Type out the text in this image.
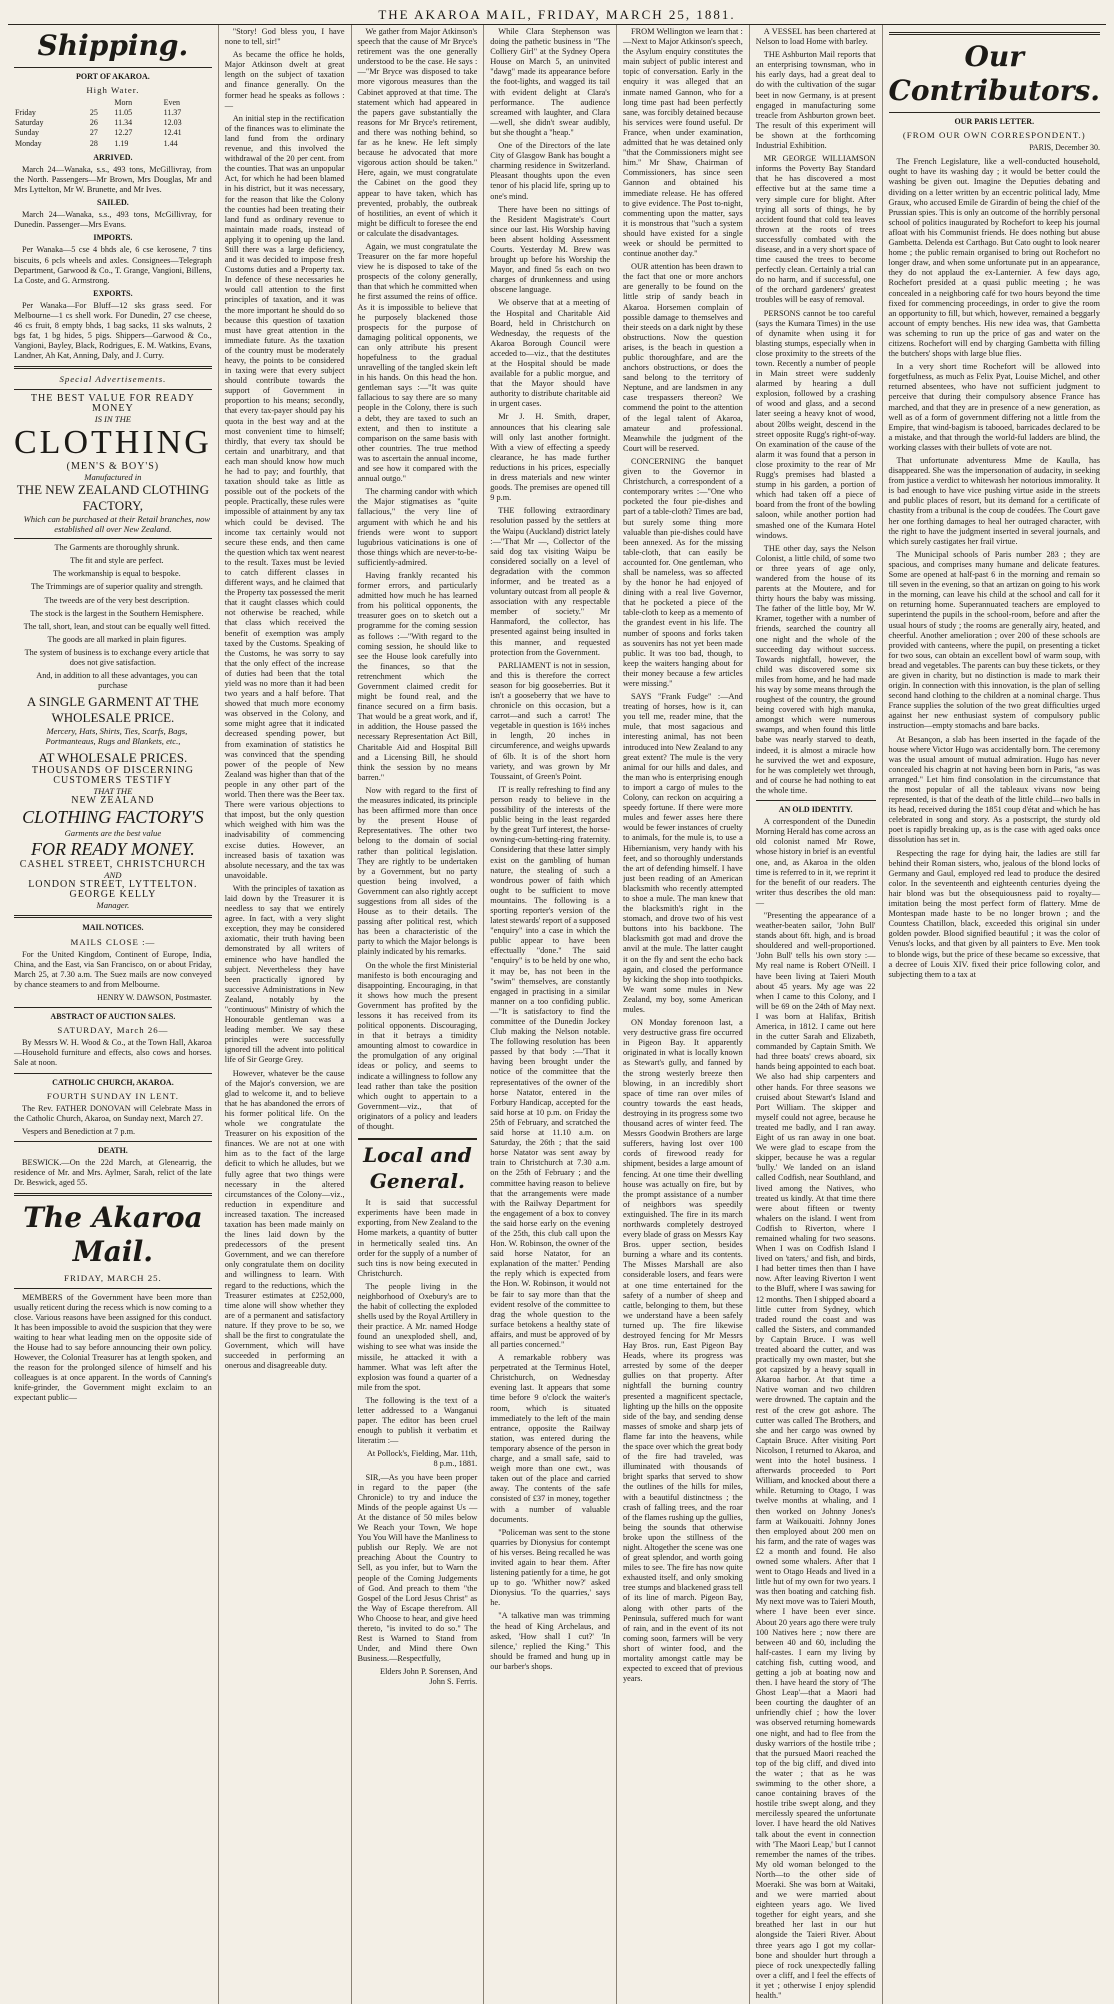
THE AKAROA MAIL, FRIDAY, MARCH 25, 1881.
Shipping.
PORT OF AKAROA.
High Water.
		Morn	Even
Friday	25	11.05	11.37
Saturday	26	11.34	12.03
Sunday	27	12.27	12.41
Monday	28	1.19	1.44
ARRIVED.

March 24—Wanaka, s.s., 493 tons, McGillivray, from the North. Passengers—Mr Brown, Mrs Douglas, Mr and Mrs Lyttelton, Mr W. Brunette, and Mr Ives.

SAILED.

March 24—Wanaka, s.s., 493 tons, McGillivray, for Dunedin. Passenger—Mrs Evans.

IMPORTS.

Per Wanaka—5 cse 4 bhds ale, 6 cse kerosene, 7 tins biscuits, 6 pcls wheels and axles. Consignees—Telegraph Department, Garwood & Co., T. Grange, Vangioni, Billens, La Coste, and G. Armstrong.

EXPORTS.

Per Wanaka—For Bluff—12 sks grass seed. For Melbourne—1 cs shell work. For Dunedin, 27 cse cheese, 46 cs fruit, 8 empty bhds, 1 bag sacks, 11 sks walnuts, 2 bgs fat, 1 bg hides, 5 pigs. Shippers—Garwood & Co., Vangioni, Bayley, Black, Rodrigues, E. M. Watkins, Evans, Landner, Ah Kat, Anning, Daly, and J. Curry.

Special Advertisements.
THE BEST VALUE FOR READY MONEY
IS IN THE
CLOTHING
(MEN'S & BOY'S)
Manufactured in
THE NEW ZEALAND CLOTHING FACTORY,

Which can be purchased at their Retail branches, now established all over New Zealand.

The Garments are thoroughly shrunk.

The fit and style are perfect.

The workmanship is equal to bespoke.

The Trimmings are of superior quality and strength.

The tweeds are of the very best description.

The stock is the largest in the Southern Hemisphere.

The tall, short, lean, and stout can be equally well fitted.

The goods are all marked in plain figures.

The system of business is to exchange every article that does not give satisfaction.

And, in addition to all these advantages, you can purchase

A SINGLE GARMENT AT THE WHOLESALE PRICE.

Mercery, Hats, Shirts, Ties, Scarfs, Bags, Portmanteaus, Rugs and Blankets, etc.,

AT WHOLESALE PRICES.
THOUSANDS OF DISCERNING CUSTOMERS TESTIFY
THAT THE
NEW ZEALAND
CLOTHING FACTORY'S
Garments are the best value
FOR READY MONEY.
CASHEL STREET, CHRISTCHURCH
AND
LONDON STREET, LYTTELTON.
GEORGE KELLY
Manager.
MAIL NOTICES.
MAILS CLOSE :—

For the United Kingdom, Continent of Europe, India, China, and the East, via San Francisco, on or about Friday, March 25, at 7.30 a.m. The Suez mails are now conveyed by chance steamers to and from Melbourne.

HENRY W. DAWSON, Postmaster.
ABSTRACT OF AUCTION SALES.
SATURDAY, March 26—

By Messrs W. H. Wood & Co., at the Town Hall, Akaroa—Household furniture and effects, also cows and horses. Sale at noon.

CATHOLIC CHURCH, AKAROA.
FOURTH SUNDAY IN LENT.

The Rev. FATHER DONOVAN will Celebrate Mass in the Catholic Church, Akaroa, on Sunday next, March 27.

Vespers and Benediction at 7 p.m.

DEATH.

BESWICK.—On the 22d March, at Glenearrig, the residence of Mr. and Mrs. Aylmer, Sarah, relict of the late Dr. Beswick, aged 55.

The Akaroa Mail.
FRIDAY, MARCH 25.

MEMBERS of the Government have been more than usually reticent during the recess which is now coming to a close. Various reasons have been assigned for this conduct. It has been impossible to avoid the suspicion that they were waiting to hear what leading men on the opposite side of the House had to say before announcing their own policy. However, the Colonial Treasurer has at length spoken, and the reason for the prolonged silence of himself and his colleagues is at once apparent. In the words of Canning's knife-grinder, the Government might exclaim to an expectant public—

"Story! God bless you, I have none to tell, sir!"

As became the office he holds, Major Atkinson dwelt at great length on the subject of taxation and finance generally. On the former head he speaks as follows :—

An initial step in the rectification of the finances was to eliminate the land fund from the ordinary revenue, and this involved the withdrawal of the 20 per cent. from the counties. That was an unpopular Act, for which he had been blamed in his district, but it was necessary, for the reason that like the Colony the counties had been treating their land fund as ordinary revenue to maintain made roads, instead of applying it to opening up the land. Still there was a large deficiency, and it was decided to impose fresh Customs duties and a Property tax. In defence of these necessaries he would call attention to the first principles of taxation, and it was the more important he should do so because this question of taxation must have great attention in the immediate future. As the taxation of the country must be moderately heavy, the points to be considered in taxing were that every subject should contribute towards the support of Government in proportion to his means; secondly, that every tax-payer should pay his quota in the best way and at the most convenient time to himself; thirdly, that every tax should be certain and unarbitrary, and that each man should know how much he had to pay; and fourthly, that taxation should take as little as possible out of the pockets of the people. Practically, these rules were impossible of attainment by any tax which could be devised. The income tax certainly would not secure these ends, and then came the question which tax went nearest to the result. Taxes must be levied to catch different classes in different ways, and he claimed that the Property tax possessed the merit that it caught classes which could not otherwise be reached, while that class which received the benefit of exemption was amply taxed by the Customs. Speaking of the Customs, he was sorry to say that the only effect of the increase of duties had been that the total yield was no more than it had been two years and a half before. That showed that much more economy was observed in the Colony, and some might agree that it indicated decreased spending power, but from examination of statistics he was convinced that the spending power of the people of New Zealand was higher than that of the people in any other part of the world. Then there was the Beer tax. There were various objections to that impost, but the only question which weighed with him was the inadvisability of commencing excise duties. However, an increased basis of taxation was absolute necessary, and the tax was unavoidable.

With the principles of taxation as laid down by the Treasurer it is needless to say that we entirely agree. In fact, with a very slight exception, they may be considered axiomatic, their truth having been demonstrated by all writers of eminence who have handled the subject. Nevertheless they have been practically ignored by successive Administrations in New Zealand, notably by the "continuous" Ministry of which the Honourable gentleman was a leading member. We say these principles were successfully ignored till the advent into political life of Sir George Grey.

However, whatever be the cause of the Major's conversion, we are glad to welcome it, and to believe that he has abandoned the errors of his former political life. On the whole we congratulate the Treasurer on his exposition of the finances. We are not at one with him as to the fact of the large deficit to which he alludes, but we fully agree that two things were necessary in the altered circumstances of the Colony—viz., reduction in expenditure and increased taxation. The increased taxation has been made mainly on the lines laid down by the predecessors of the present Government, and we can therefore only congratulate them on docility and willingness to learn. With regard to the reductions, which the Treasurer estimates at £252,000, time alone will show whether they are of a permanent and satisfactory nature. If they prove to be so, we shall be the first to congratulate the Government, which will have succeeded in performing an onerous and disagreeable duty.

We gather from Major Atkinson's speech that the cause of Mr Bryce's retirement was the one generally understood to be the case. He says :—"Mr Bryce was disposed to take more vigorous measures than the Cabinet approved at that time. The statement which had appeared in the papers gave substantially the reasons for Mr Bryce's retirement, and there was nothing behind, so far as he knew. He left simply because he advocated that more vigorous action should be taken." Here, again, we must congratulate the Cabinet on the good they appear to have taken, which has prevented, probably, the outbreak of hostilities, an event of which it might be difficult to foresee the end or calculate the disadvantages.

Again, we must congratulate the Treasurer on the far more hopeful view he is disposed to take of the prospects of the colony generally, than that which he committed when he first assumed the reins of office. As it is impossible to believe that he purposely blackened those prospects for the purpose of damaging political opponents, we can only attribute his present hopefulness to the gradual unravelling of the tangled skein left in his hands. On this head the hon. gentleman says :—"It was quite fallacious to say there are so many people in the Colony, there is such a debt, they are taxed to such an extent, and then to institute a comparison on the same basis with other countries. The true method was to ascertain the annual income, and see how it compared with the annual outgo."

The charming candor with which the Major stigmatises as "quite fallacious," the very line of argument with which he and his friends were wont to support lugubrious vaticinations is one of those things which are never-to-be-sufficiently-admired.

Having frankly recanted his former errors, and particularly admitted how much he has learned from his political opponents, the treasurer goes on to sketch out a programme for the coming session as follows :—"With regard to the coming session, he should like to see the House look carefully into the finances, so that the retrenchment which the Government claimed credit for might be found real, and the finance secured on a firm basis. That would be a great work, and if, in addition, the House passed the necessary Representation Act Bill, Charitable Aid and Hospital Bill and a Licensing Bill, he should think the session by no means barren."

Now with regard to the first of the measures indicated, its principle has been affirmed more than once by the present House of Representatives. The other two belong to the domain of social rather than political legislation. They are rightly to be undertaken by a Government, but no party question being involved, a Government can also rightly accept suggestions from all sides of the House as to their details. The passing after political rest, which has been a characteristic of the party to which the Major belongs is plainly indicated by his remarks.

On the whole the first Ministerial manifesto is both encouraging and disappointing. Encouraging, in that it shows how much the present Government has profited by the lessons it has received from its political opponents. Discouraging, in that it betrays a timidity amounting almost to cowardice in the promulgation of any original ideas or policy, and seems to indicate a willingness to follow any lead rather than take the position which ought to appertain to a Government—viz., that of originators of a policy and leaders of thought.

Local and General.

It is said that successful experiments have been made in exporting, from New Zealand to the Home markets, a quantity of butter in hermetically sealed tins. An order for the supply of a number of such tins is now being executed in Christchurch.

The people living in the neighborhood of Oxebury's are to the habit of collecting the exploded shells used by the Royal Artillery in their practice. A Mr. named Hodge found an unexploded shell, and, wishing to see what was inside the missile, he attacked it with a hammer. What was left after the explosion was found a quarter of a mile from the spot.

The following is the text of a letter addressed to a Wanganui paper. The editor has been cruel enough to publish it verbatim et literatim :—

At Pollock's, Fielding, Mar. 11th, 8 p.m., 1881.

SIR,—As you have been proper in regard to the paper (the Chronicle) to try and induce the Minds of the people against Us —At the distance of 50 miles below We Reach your Town, We hope You You Will have the Manliness to publish our Reply. We are not preaching About the Country to Sell, as you infer, but to Warn the people of the Coming Judgements of God. And preach to them "the Gospel of the Lord Jesus Christ" as the Way of Escape therefrom. All Who Choose to hear, and give heed thereto, "is invited to do so." The Rest is Warned to Stand from Under, and Mind there Own Business.—Respectfully,

Elders John P. Sorensen, And John S. Ferris.

While Clara Stephenson was doing the pathetic business in "The Colliery Girl" at the Sydney Opera House on March 5, an uninvited "dawg" made its appearance before the foot-lights, and wagged its tail with evident delight at Clara's performance. The audience screamed with laughter, and Clara—well, she didn't swear audibly, but she thought a "heap."

One of the Directors of the late City of Glasgow Bank has bought a charming residence in Switzerland. Pleasant thoughts upon the even tenor of his placid life, spring up to one's mind.

There have been no sittings of the Resident Magistrate's Court since our last. His Worship having been absent holding Assessment Courts. Yesterday M. Brew was brought up before his Worship the Mayor, and fined 5s each on two charges of drunkenness and using obscene language.

We observe that at a meeting of the Hospital and Charitable Aid Board, held in Christchurch on Wednesday, the requests of the Akaroa Borough Council were acceded to—viz., that the destitutes at the Hospital should be made available for a public morgue, and that the Mayor should have authority to distribute charitable aid in urgent cases.

Mr J. H. Smith, draper, announces that his clearing sale will only last another fortnight. With a view of effecting a speedy clearance, he has made further reductions in his prices, especially in dress materials and new winter goods. The premises are opened till 9 p.m.

THE following extraordinary resolution passed by the settlers at the Waipu (Auckland) district lately :—"That Mr —, Collector of the said dog tax visiting Waipu be considered socially on a level of degradation with the common informer, and be treated as a voluntary outcast from all people & association with any respectable member of society." Mr Hanmaford, the collector, has presented against being insulted in this manner, and requested protection from the Government.

PARLIAMENT is not in session, and this is therefore the correct season for big gooseberries. But it isn't a gooseberry that we have to chronicle on this occasion, but a carrot—and such a carrot! The vegetable in question is 16½ inches in length, 20 inches in circumference, and weighs upwards of 6lb. It is of the short horn variety, and was grown by Mr Toussaint, of Green's Point.

IT is really refreshing to find any person ready to believe in the possibility of the interests of the public being in the least regarded by the great Turf interest, the horse-owning-cum-betting-ring fraternity. Considering that these latter simply exist on the gambling of human nature, the stealing of such a wondrous power of faith which ought to be sufficient to move mountains. The following is a sporting reporter's version of the latest stewards' report of a supposed "enquiry" into a case in which the public appear to have been effectually "done." The said "enquiry" is to be held by one who, it may be, has not been in the "swim" themselves, are constantly engaged in practising in a similar manner on a too confiding public.—"It is satisfactory to find the committee of the Dunedin Jockey Club making the Nelson notable. The following resolution has been passed by that body :—'That it having been brought under the notice of the committee that the representatives of the owner of the horse Natator, entered in the Forbury Handicap, accepted for the said horse at 10 p.m. on Friday the 25th of February, and scratched the said horse at 11.10 a.m. on Saturday, the 26th ; that the said horse Natator was sent away by train to Christchurch at 7.30 a.m. on the 25th of February ; and the committee having reason to believe that the arrangements were made with the Railway Department for the engagement of a box to convey the said horse early on the evening of the 25th, this club call upon the Hon. W. Robinson, the owner of the said horse Natator, for an explanation of the matter.' Pending the reply which is expected from the Hon. W. Robinson, it would not be fair to say more than that the evident resolve of the committee to drag the whole question to the surface betokens a healthy state of affairs, and must be approved of by all parties concerned."

A remarkable robbery was perpetrated at the Terminus Hotel, Christchurch, on Wednesday evening last. It appears that some time before 9 o'clock the waiter's room, which is situated immediately to the left of the main entrance, opposite the Railway station, was entered during the temporary absence of the person in charge, and a small safe, said to weigh more than one cwt., was taken out of the place and carried away. The contents of the safe consisted of £37 in money, together with a number of valuable documents.

"Policeman was sent to the stone quarries by Dionysius for contempt of his verses. Being recalled he was invited again to hear them. After listening patiently for a time, he got up to go. 'Whither now?' asked Dionysius. 'To the quarries,' says he.

"A talkative man was trimming the head of King Archelaus, and asked, 'How shall I cut?' 'In silence,' replied the King." This should be framed and hung up in our barber's shops.

FROM Wellington we learn that :—Next to Major Atkinson's speech, the Asylum enquiry constitutes the main subject of public interest and topic of conversation. Early in the enquiry it was alleged that an inmate named Gannon, who for a long time past had been perfectly sane, was forcibly detained because his services were found useful. Dr France, when under examination, admitted that he was detained only "that the Commissioners might see him." Mr Shaw, Chairman of Commissioners, has since seen Gannon and obtained his immediate release. He has offered to give evidence. The Post to-night, commenting upon the matter, says it is monstrous that "such a system should have existed for a single week or should be permitted to continue another day."

OUR attention has been drawn to the fact that one or more anchors are generally to be found on the little strip of sandy beach in Akaroa. Horsemen complain of possible damage to themselves and their steeds on a dark night by these obstructions. Now the question arises, is the beach in question a public thoroughfare, and are the anchors obstructions, or does the sand belong to the territory of Neptune, and are landsmen in any case trespassers thereon? We commend the point to the attention of the legal talent of Akaroa, amateur and professional. Meanwhile the judgment of the Court will be reserved.

CONCERNING the banquet given to the Governor in Christchurch, a correspondent of a contemporary writes :—"One who pocketed the four pie-dishes and part of a table-cloth? Times are bad, but surely some thing more valuable than pie-dishes could have been annexed. As for the missing table-cloth, that can easily be accounted for. One gentleman, who shall be nameless, was so affected by the honor he had enjoyed of dining with a real live Governor, that he pocketed a piece of the table-cloth to keep as a memento of the grandest event in his life. The number of spoons and forks taken as souvenirs has not yet been made public. It was too bad, though, to keep the waiters hanging about for their money because a few articles were missing."

SAYS "Frank Fudge" :—And treating of horses, how is it, can you tell me, reader mine, that the mule, that most sagacious and interesting animal, has not been introduced into New Zealand to any great extent? The mule is the very animal for our hills and dales, and the man who is enterprising enough to import a cargo of mules to the Colony, can reckon on acquiring a speedy fortune. If there were more mules and fewer asses here there would be fewer instances of cruelty to animals, for the mule is, to use a Hibernianism, very handy with his feet, and so thoroughly understands the art of defending himself. I have just been reading of an American blacksmith who recently attempted to shoe a mule. The man knew that the blacksmith's right in the stomach, and drove two of his vest buttons into his backbone. The blacksmith got mad and drove the anvil at the mule. The latter caught it on the fly and sent the echo back again, and closed the performance by kicking the shop into toothpicks. We want some mules in New Zealand, my boy, some American mules.

ON Monday forenoon last, a very destructive grass fire occurred in Pigeon Bay. It apparently originated in what is locally known as Stewart's gully, and fanned by the strong westerly breeze then blowing, in an incredibly short space of time ran over miles of country towards the east heads, destroying in its progress some two thousand acres of winter feed. The Messrs Goodwin Brothers are large sufferers, having lost over 100 cords of firewood ready for shipment, besides a large amount of fencing. At one time their dwelling house was actually on fire, but by the prompt assistance of a number of neighbors was speedily extinguished. The fire in its march northwards completely destroyed every blade of grass on Messrs Kay Bros. upper section, besides burning a whare and its contents. The Misses Marshall are also considerable losers, and fears were at one time entertained for the safety of a number of sheep and cattle, belonging to them, but these we understand have a been safely turned up. The fire likewise destroyed fencing for Mr Messrs Hay Bros. run, East Pigeon Bay Heads, where its progress was arrested by some of the deeper gullies on that property. After nightfall the burning country presented a magnificent spectacle, lighting up the hills on the opposite side of the bay, and sending dense masses of smoke and sharp jets of flame far into the heavens, while the space over which the great body of the fire had traveled, was illuminated with thousands of bright sparks that served to show the outlines of the hills for miles, with a beautiful distinctness ; the crash of falling trees, and the roar of the flames rushing up the gullies, being the sounds that otherwise broke upon the stillness of the night. Altogether the scene was one of great splendor, and worth going miles to see. The fire has now quite exhausted itself, and only smoking tree stumps and blackened grass tell of its line of march. Pigeon Bay, along with other parts of the Peninsula, suffered much for want of rain, and in the event of its not coming soon, farmers will be very short of winter food, and the mortality amongst cattle may be expected to exceed that of previous years.

A VESSEL has been chartered at Nelson to load Home with barley.

THE Ashburton Mail reports that an enterprising townsman, who in his early days, had a great deal to do with the cultivation of the sugar beet in now Germany, is at present engaged in manufacturing some treacle from Ashburton grown beet. The result of this experiment will be shown at the forthcoming Industrial Exhibition.

MR GEORGE WILLIAMSON informs the Poverty Bay Standard that he has discovered a most effective but at the same time a very simple cure for blight. After trying all sorts of things, he by accident found that cold tea leaves thrown at the roots of trees successfully combated with the disease, and in a very short space of time caused the trees to become perfectly clean. Certainly a trial can do no harm, and if successful, one of the orchard gardeners' greatest troubles will be easy of removal.

PERSONS cannot be too careful (says the Kumara Times) in the use of dynamite when using it for blasting stumps, especially when in close proximity to the streets of the town. Recently a number of people in Main street were suddenly alarmed by hearing a dull explosion, followed by a crashing of wood and glass, and a second later seeing a heavy knot of wood, about 20lbs weight, descend in the street opposite Rugg's right-of-way. On examination of the cause of the alarm it was found that a person in close proximity to the rear of Mr Rugg's premises had blasted a stump in his garden, a portion of which had taken off a piece of board from the front of the bowling saloon, while another portion had smashed one of the Kumara Hotel windows.

THE other day, says the Nelson Colonist, a little child, of some two or three years of age only, wandered from the house of its parents at the Moutere, and for thirty hours the baby was missing. The father of the little boy, Mr W. Kramer, together with a number of friends, searched the country all one night and the whole of the succeeding day without success. Towards nightfall, however, the child was discovered some six miles from home, and he had made his way by some means through the roughest of the country, the ground being covered with high manuka, amongst which were numerous swamps, and when found this little babe was nearly starved to death, indeed, it is almost a miracle how he survived the wet and exposure, for he was completely wet through, and of course he had nothing to eat the whole time.

AN OLD IDENTITY.

A correspondent of the Dunedin Morning Herald has come across an old colonist named Mr Rowe, whose history in brief is an eventful one, and, as Akaroa in the olden time is referred to in it, we reprint it for the benefit of our readers. The writer thus describes the old man:—

"Presenting the appearance of a weather-beaten sailor, 'John Bull' stands about 6ft. high, and is broad shouldered and well-proportioned. 'John Bull' tells his own story :—My real name is Robert O'Neill. I have been living at Taieri Mouth about 45 years. My age was 22 when I came to this Colony, and I will be 69 on the 24th of May next. I was born at Halifax, British America, in 1812. I came out here in the cutter Sarah and Elizabeth, commanded by Captain Smith. We had three boats' crews aboard, six hands being appointed to each boat. We also had ship carpenters and other hands. For three seasons we cruised about Stewart's Island and Port William. The skipper and myself could not agree, because he treated me badly, and I ran away. Eight of us ran away in one boat. We were glad to escape from the skipper, because he was a regular 'bully.' We landed on an island called Codfish, near Southland, and lived among the Natives, who treated us kindly. At that time there were about fifteen or twenty whalers on the island. I went from Codfish to Riverton, where I remained whaling for two seasons. When I was on Codfish Island I lived on 'taters,' and fish, and birds, I had better times then than I have now. After leaving Riverton I went to the Bluff, where I was sawing for 12 months. Then I shipped aboard a little cutter from Sydney, which traded round the coast and was called the Sisters, and commanded by Captain Bruce. I was well treated aboard the cutter, and was practically my own master, but she got capsized by a heavy squall in Akaroa harbor. At that time a Native woman and two children were drowned. The captain and the rest of the crew got ashore. The cutter was called The Brothers, and she and her cargo was owned by Captain Bruce. After visiting Port Nicolson, I returned to Akaroa, and went into the hotel business. I afterwards proceeded to Port William, and knocked about there a while. Returning to Otago, I was twelve months at whaling, and I then worked on Johnny Jones's farm at Waikouaiti. Johnny Jones then employed about 200 men on his farm, and the rate of wages was £2 a month and found. He also owned some whalers. After that I went to Otago Heads and lived in a little hut of my own for two years. I was then boating and catching fish. My next move was to Taieri Mouth, where I have been ever since. About 20 years ago there were truly 100 Natives here ; now there are between 40 and 60, including the half-castes. I earn my living by catching fish, cutting wood, and getting a job at boating now and then. I have heard the story of 'The Ghost Leap'—that a Maori had been courting the daughter of an unfriendly chief ; how the lover was observed returning homewards one night, and had to flee from the dusky warriors of the hostile tribe ; that the pursued Maori reached the top of the big cliff, and dived into the water ; that as he was swimming to the other shore, a canoe containing braves of the hostile tribe swept along, and they mercilessly speared the unfortunate lover. I have heard the old Natives talk about the event in connection with 'The Maori Leap,' but I cannot remember the names of the tribes. My old woman belonged to the North—to the other side of Moeraki. She was born at Waitaki, and we were married about eighteen years ago. We lived together for eight years, and she breathed her last in our hut alongside the Taieri River. About three years ago I got my collar-bone and shoulder hurt through a piece of rock unexpectedly falling over a cliff, and I feel the effects of it yet ; otherwise I enjoy splendid health."

Our Contributors.
OUR PARIS LETTER.
(FROM OUR OWN CORRESPONDENT.)
PARIS, December 30.

The French Legislature, like a well-conducted household, ought to have its washing day ; it would be better could the washing be given out. Imagine the Deputies debating and dividing on a letter written by an eccentric political lady, Mme Graux, who accused Emile de Girardin of being the chief of the Prussian spies. This is only an outcome of the horribly personal school of politics inaugurated by Rochefort to keep his journal afloat with his Communist friends. He does nothing but abuse Gambetta. Delenda est Carthago. But Cato ought to look nearer home ; the public remain organised to bring out Rochefort no longer draw, and when some unfortunate put in an appearance, they do not applaud the ex-Lanternier. A few days ago, Rochefort presided at a quasi public meeting ; he was concealed in a neighboring café for two hours beyond the time fixed for commencing proceedings, in order to give the room an opportunity to fill, but which, however, remained a beggarly account of empty benches. His new idea was, that Gambetta was scheming to run up the price of gas and water on the citizens. Rochefort will end by charging Gambetta with filling the butchers' shops with large blue flies.

In a very short time Rochefort will be allowed into forgetfulness, as much as Felix Pyat, Louise Michel, and other returned absentees, who have not sufficient judgment to perceive that during their compulsory absence France has marched, and that they are in presence of a new generation, as well as of a form of government differing not a little from the Empire, that wind-bagism is tabooed, barricades declared to be a mistake, and that through the world-ful ladders are blind, the working classes with their bullets of vote are not.

That unfortunate adventuress Mme de Kaulla, has disappeared. She was the impersonation of audacity, in seeking from justice a verdict to whitewash her notorious immorality. It is bad enough to have vice pushing virtue aside in the streets and public places of resort, but its demand for a certificate of chastity from a tribunal is the coup de coudées. The Court gave her one forthing damages to heal her outraged character, with the right to have the judgment inserted in several journals, and which surely castigates her frail virtue.

The Municipal schools of Paris number 283 ; they are spacious, and comprises many humane and delicate features. Some are opened at half-past 6 in the morning and remain so till seven in the evening, so that an artizan on going to his work in the morning, can leave his child at the school and call for it on returning home. Superannuated teachers are employed to superintend the pupils in the school-room, before and after the usual hours of study ; the rooms are generally airy, heated, and cheerful. Another amelioration ; over 200 of these schools are provided with canteens, where the pupil, on presenting a ticket for two sous, can obtain an excellent bowl of warm soup, with bread and vegetables. The parents can buy these tickets, or they are given in charity, but no distinction is made to mark their origin. In connection with this innovation, is the plan of selling second hand clothing to the children at a nominal charge. Thus France supplies the solution of the two great difficulties urged against her new enthusiast system of compulsory public instruction—empty stomachs and bare backs.

At Besançon, a slab has been inserted in the façade of the house where Victor Hugo was accidentally born. The ceremony was the usual amount of mutual admiration. Hugo has never concealed his chagrin at not having been born in Paris, "as was arranged." Let him find consolation in the circumstance that the most popular of all the tableaux vivans now being represented, is that of the death of the little child—two balls in its head, received during the 1851 coup d'état and which he has celebrated in song and story. As a postscript, the sturdy old poet is rapidly breaking up, as is the case with aged oaks once dissolution has set in.

Respecting the rage for dying hair, the ladies are still far behind their Roman sisters, who, jealous of the blond locks of Germany and Gaul, employed red lead to produce the desired color. In the seventeenth and eighteenth centuries dyeing the hair blond was but the obsequiousness paid to royalty—imitation being the most perfect form of flattery. Mme de Montespan made haste to be no longer brown ; and the Countess Chatillon, black, exceeded this original sin under golden powder. Blood signified beautiful ; it was the color of Venus's locks, and that given by all painters to Eve. Men took to blonde wigs, but the price of these became so excessive, that a decree of Louis XIV. fixed their price following color, and subjecting them to a tax at
